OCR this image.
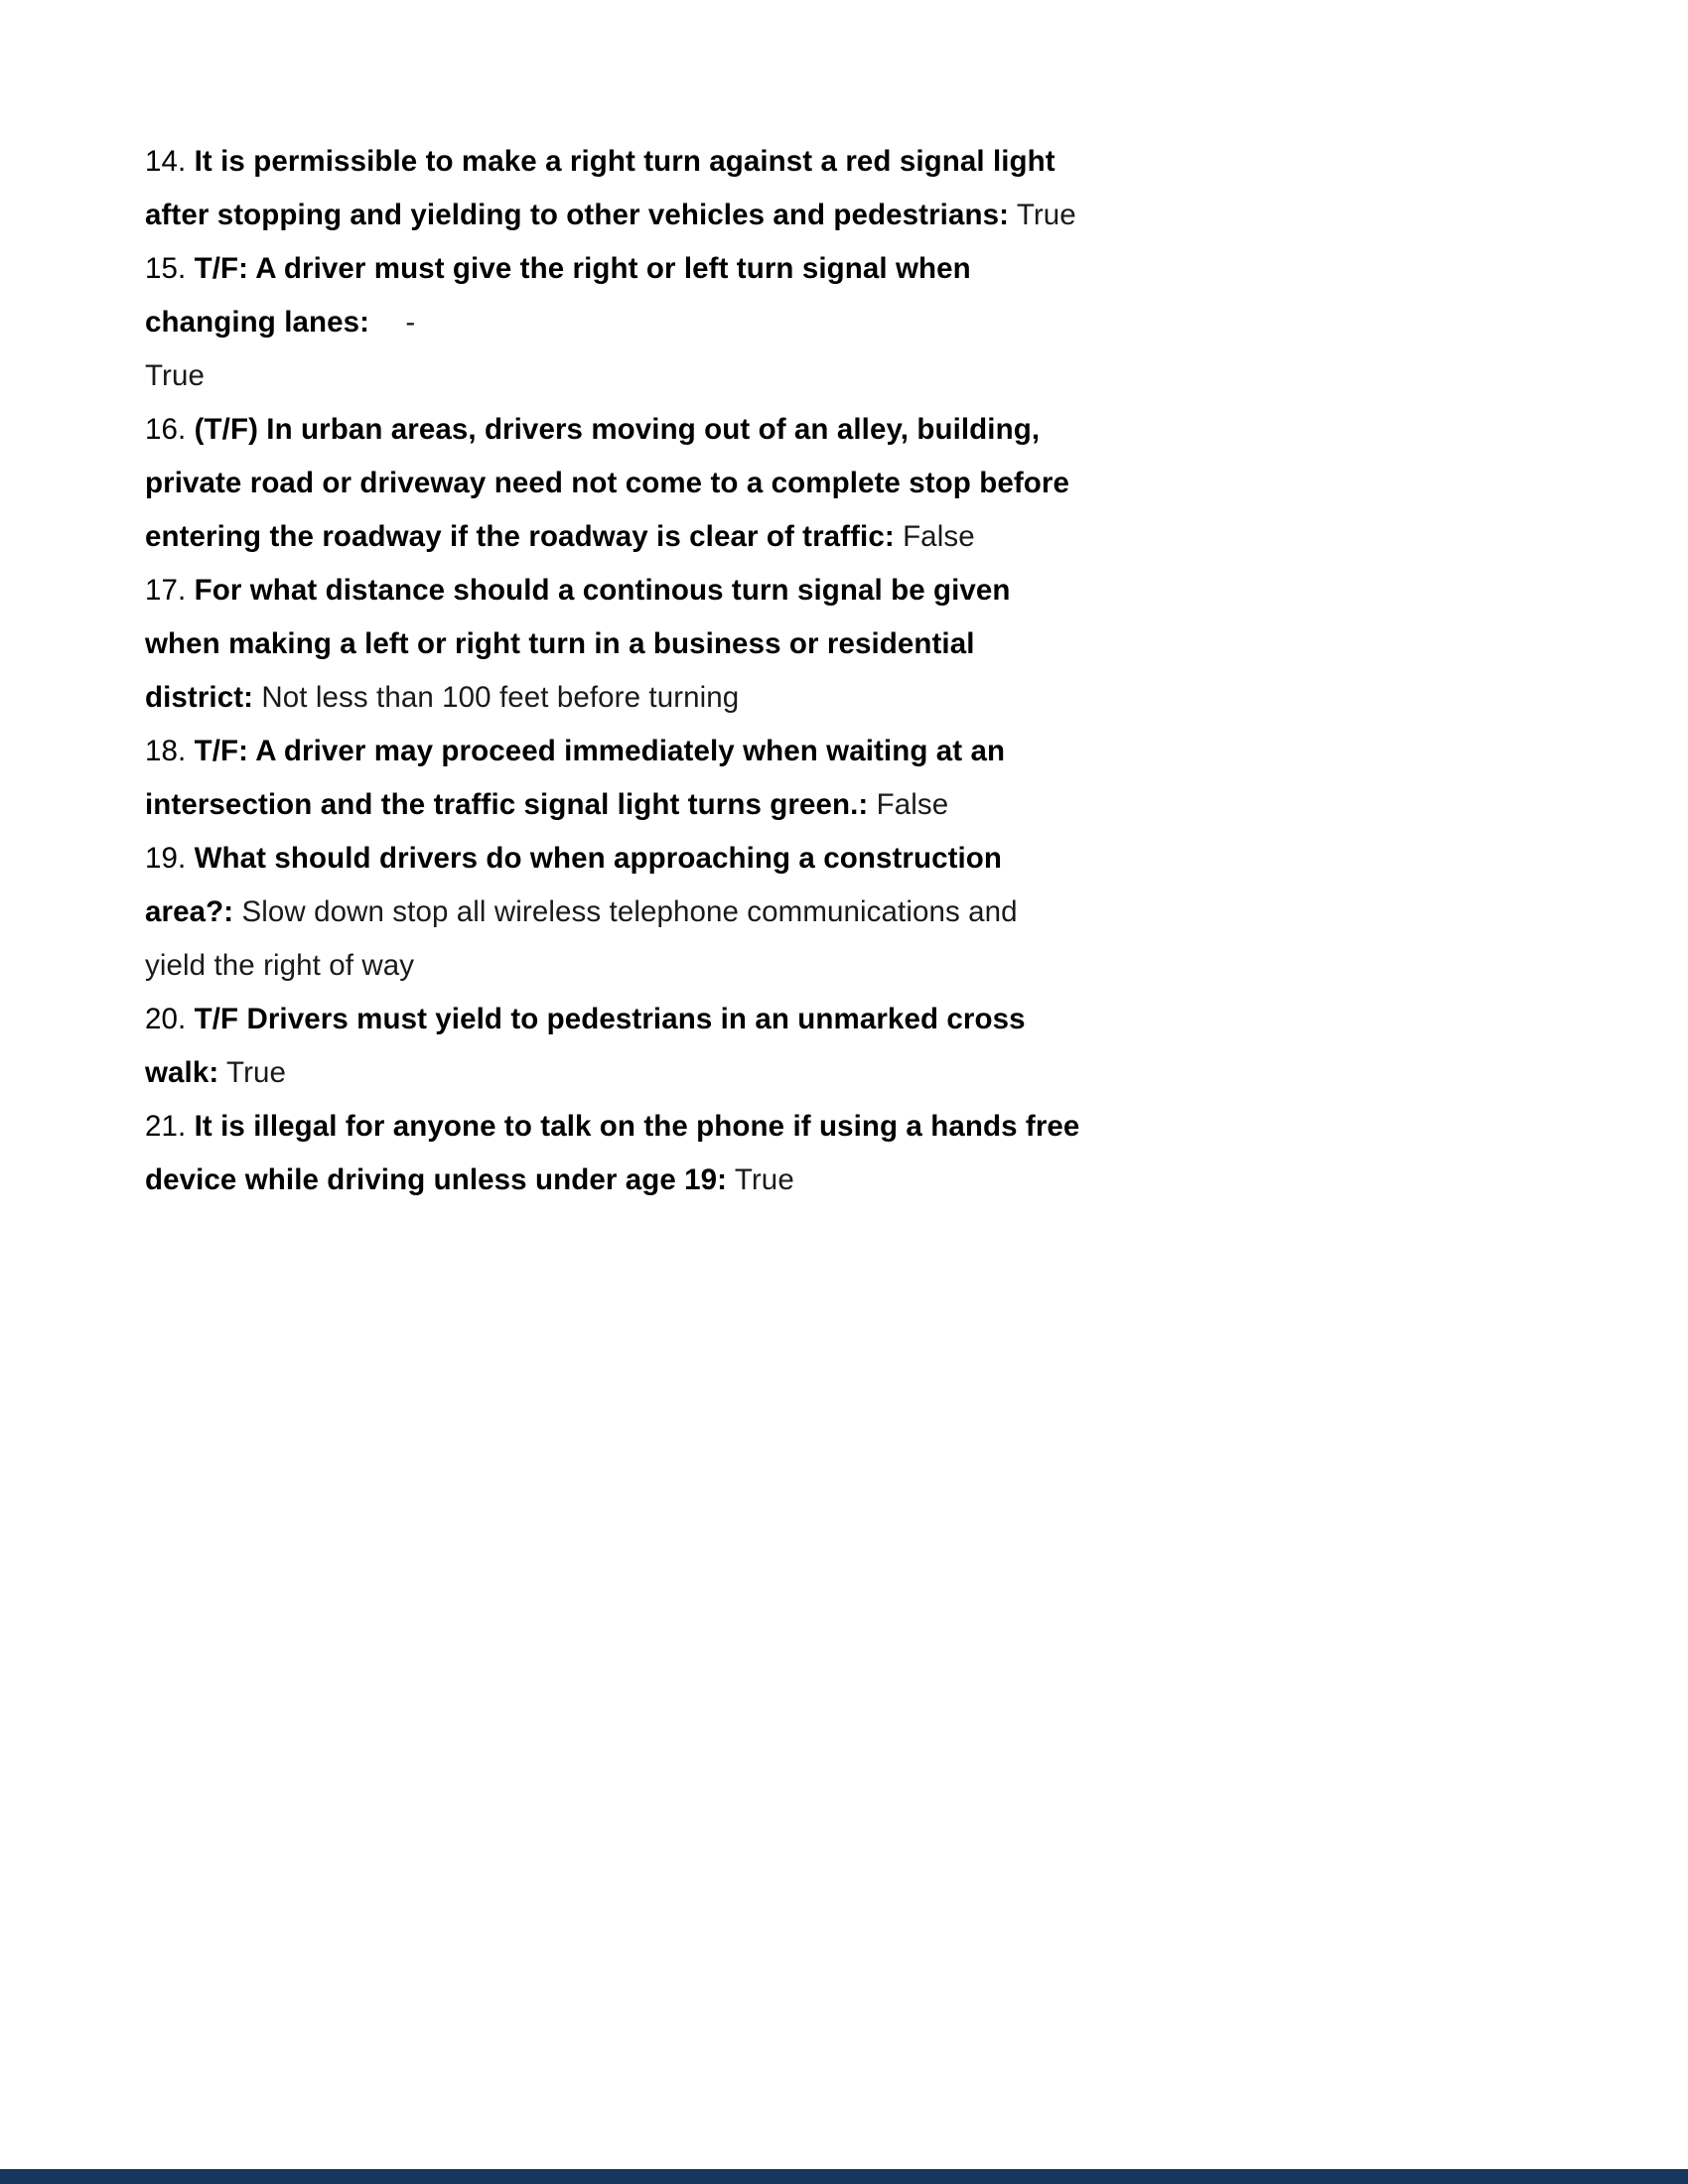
14. It is permissible to make a right turn against a red signal light after stopping and yielding to other vehicles and pedestrians: True
15. T/F: A driver must give the right or left turn signal when changing lanes: -
True
16. (T/F) In urban areas, drivers moving out of an alley, building, private road or driveway need not come to a complete stop before entering the roadway if the roadway is clear of traffic: False
17. For what distance should a continous turn signal be given when making a left or right turn in a business or residential district: Not less than 100 feet before turning
18. T/F: A driver may proceed immediately when waiting at an intersection and the traffic signal light turns green.: False
19. What should drivers do when approaching a construction area?: Slow down stop all wireless telephone communications and yield the right of way
20. T/F Drivers must yield to pedestrians in an unmarked cross walk: True
21. It is illegal for anyone to talk on the phone if using a hands free device while driving unless under age 19: True
